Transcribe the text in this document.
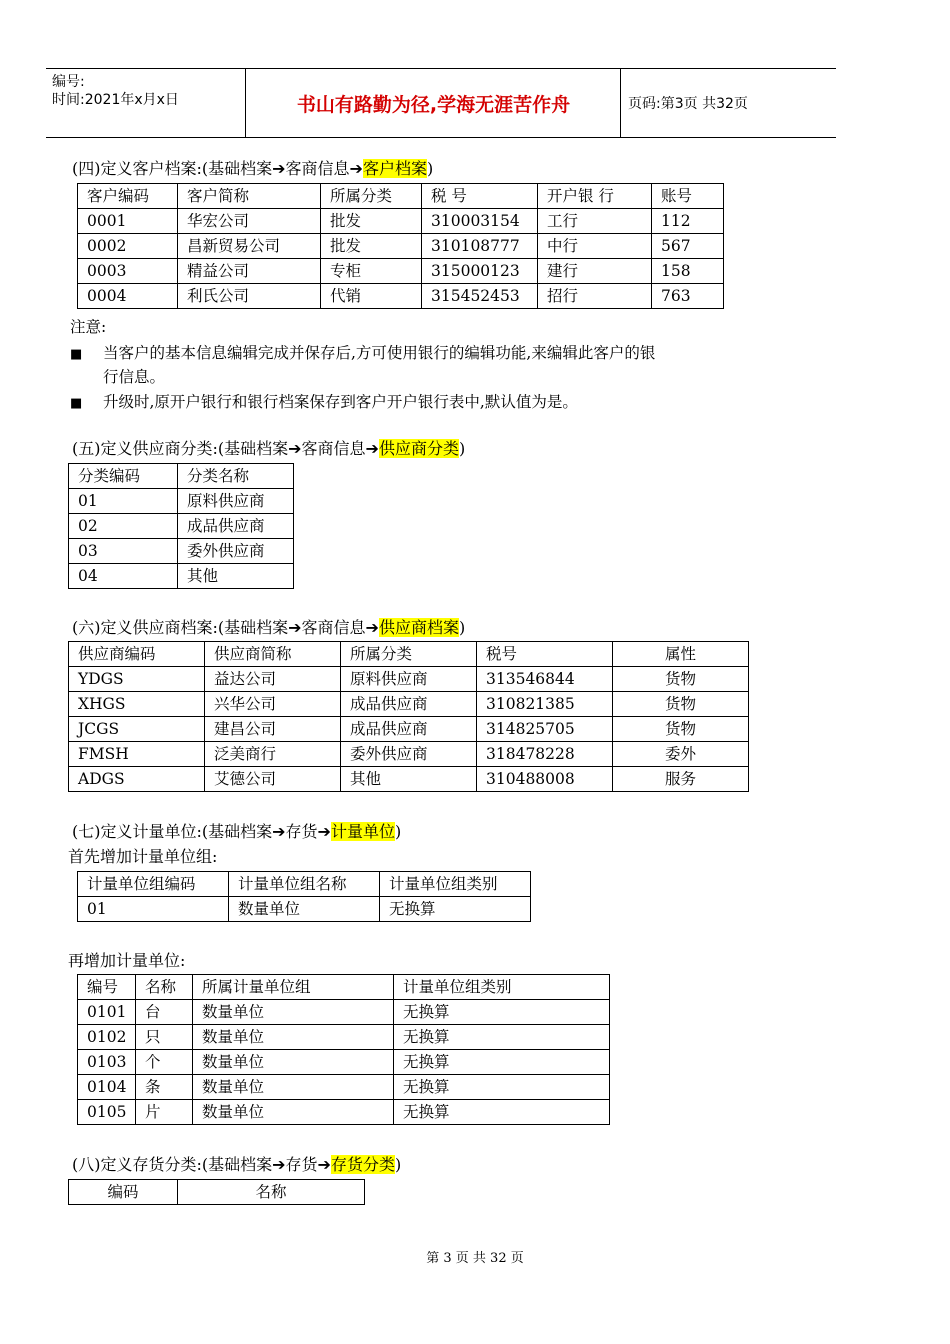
编号:
时间:2021年x月x日	书山有路勤为径,学海无涯苦作舟	页码:第3页 共32页
(四)定义客户档案:(基础档案➔客商信息➔客户档案)
客户编码	客户简称	所属分类	税 号	开户银 行	账号
0001	华宏公司	批发	310003154	工行	112
0002	昌新贸易公司	批发	310108777	中行	567
0003	精益公司	专柜	315000123	建行	158
0004	利氏公司	代销	315452453	招行	763
注意:
■ 当客户的基本信息编辑完成并保存后,方可使用银行的编辑功能,来编辑此客户的银
行信息。
■ 升级时,原开户银行和银行档案保存到客户开户银行表中,默认值为是。
(五)定义供应商分类:(基础档案➔客商信息➔供应商分类)
分类编码	分类名称
01	原料供应商
02	成品供应商
03	委外供应商
04	其他
(六)定义供应商档案:(基础档案➔客商信息➔供应商档案)
供应商编码	供应商简称	所属分类	税号	属性
YDGS	益达公司	原料供应商	313546844	货物
XHGS	兴华公司	成品供应商	310821385	货物
JCGS	建昌公司	成品供应商	314825705	货物
FMSH	泛美商行	委外供应商	318478228	委外
ADGS	艾德公司	其他	310488008	服务
(七)定义计量单位:(基础档案➔存货➔计量单位)
首先增加计量单位组:
计量单位组编码	计量单位组名称	计量单位组类别
01	数量单位	无换算
再增加计量单位:
编号	名称	所属计量单位组	计量单位组类别
0101	台	数量单位	无换算
0102	只	数量单位	无换算
0103	个	数量单位	无换算
0104	条	数量单位	无换算
0105	片	数量单位	无换算
(八)定义存货分类:(基础档案➔存货➔存货分类)
编码	名称
第 3 页 共 32 页
